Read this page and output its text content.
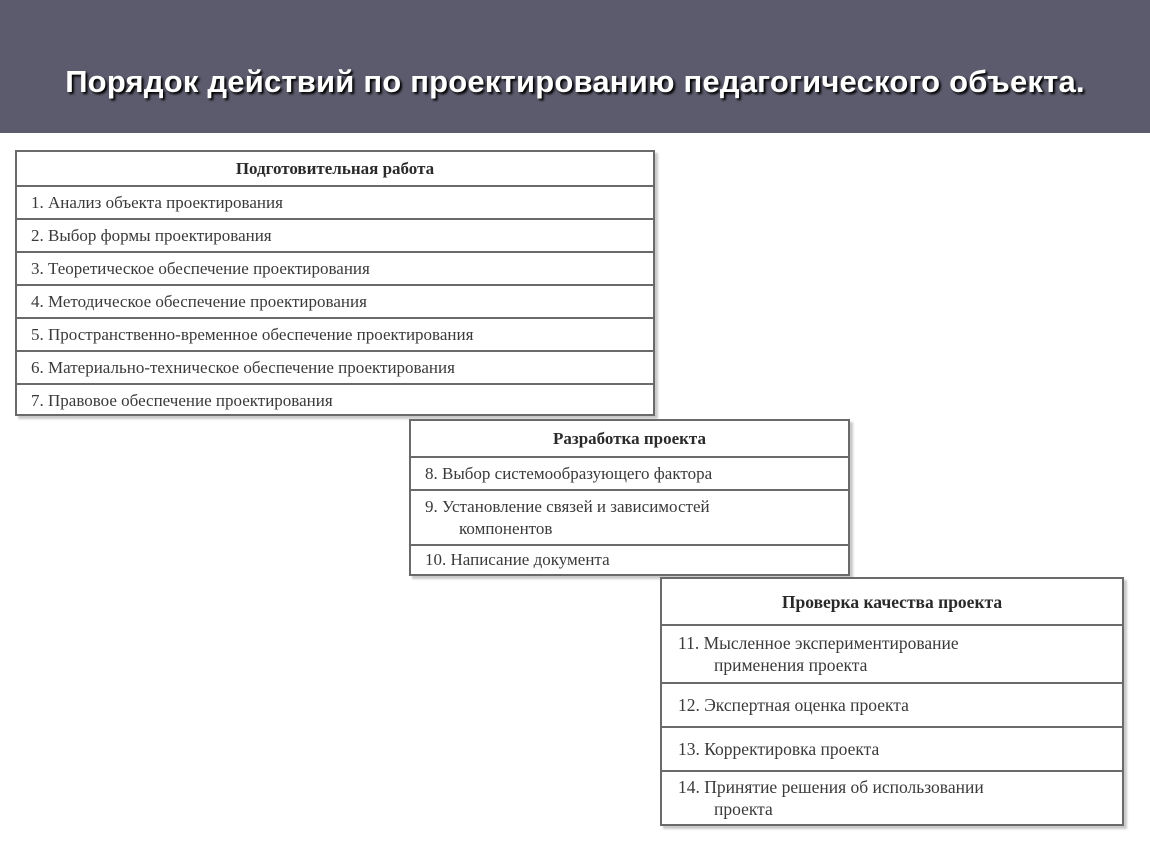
Порядок действий по проектированию педагогического объекта.
Подготовительная работа
1. Анализ объекта проектирования
2. Выбор формы проектирования
3. Теоретическое обеспечение проектирования
4. Методическое обеспечение проектирования
5. Пространственно-временное обеспечение проектирования
6. Материально-техническое обеспечение проектирования
7. Правовое обеспечение проектирования
Разработка проекта
8. Выбор системообразующего фактора
9. Установление связей и зависимостей
компонентов
10. Написание документа
Проверка качества проекта
11. Мысленное экспериментирование
применения проекта
12. Экспертная оценка проекта
13. Корректировка проекта
14. Принятие решения об использовании
проекта
